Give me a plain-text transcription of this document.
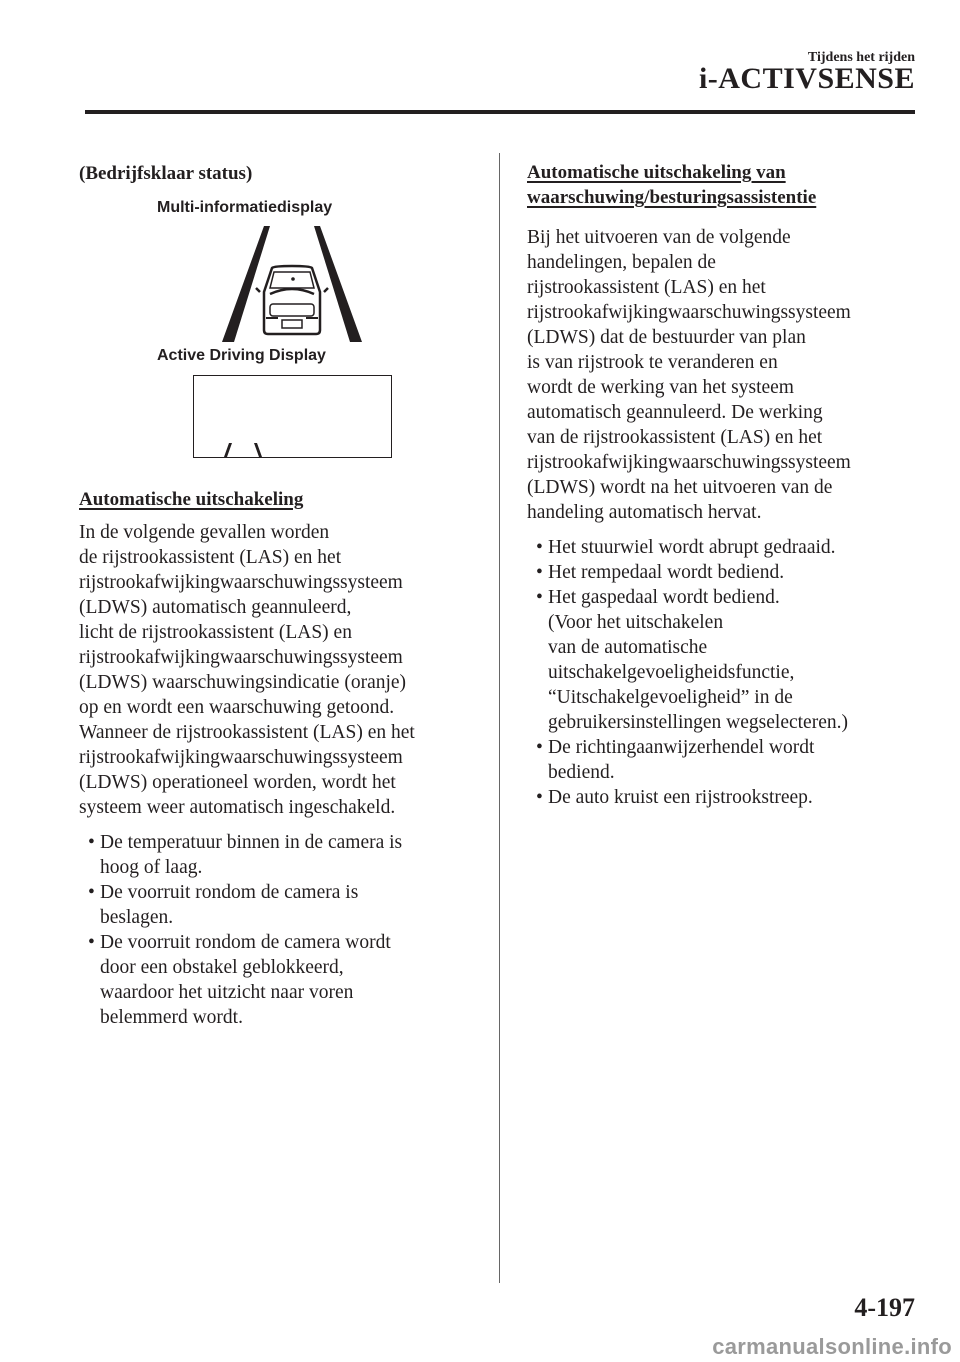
Tijdens het rijden
i-ACTIVSENSE

(Bedrijfsklaar status)

Automatische uitschakeling

In de volgende gevallen worden
de rijstrookassistent (LAS) en het
rijstrookafwijkingwaarschuwingssysteem
(LDWS) automatisch geannuleerd,
licht de rijstrookassistent (LAS) en
rijstrookafwijkingwaarschuwingssysteem
(LDWS) waarschuwingsindicatie (oranje)
op en wordt een waarschuwing getoond.
Wanneer de rijstrookassistent (LAS) en het
rijstrookafwijkingwaarschuwingssysteem
(LDWS) operationeel worden, wordt het
systeem weer automatisch ingeschakeld.

• De temperatuur binnen in de camera is
hoog of laag.
• De voorruit rondom de camera is
beslagen.
• De voorruit rondom de camera wordt
door een obstakel geblokkeerd,
waardoor het uitzicht naar voren
belemmerd wordt.
Multi-informatiedisplay
Active Driving Display
Automatische uitschakeling van
waarschuwing/besturingsassistentie

Bij het uitvoeren van de volgende
handelingen, bepalen de
rijstrookassistent (LAS) en het
rijstrookafwijkingwaarschuwingssysteem
(LDWS) dat de bestuurder van plan
is van rijstrook te veranderen en
wordt de werking van het systeem
automatisch geannuleerd. De werking
van de rijstrookassistent (LAS) en het
rijstrookafwijkingwaarschuwingssysteem
(LDWS) wordt na het uitvoeren van de
handeling automatisch hervat.

• Het stuurwiel wordt abrupt gedraaid.
• Het rempedaal wordt bediend.
• Het gaspedaal wordt bediend.
(Voor het uitschakelen
van de automatische
uitschakelgevoeligheidsfunctie,
“Uitschakelgevoeligheid” in de
gebruikersinstellingen wegselecteren.)
• De richtingaanwijzerhendel wordt
bediend.
• De auto kruist een rijstrookstreep.
4-197
carmanualsonline.info
